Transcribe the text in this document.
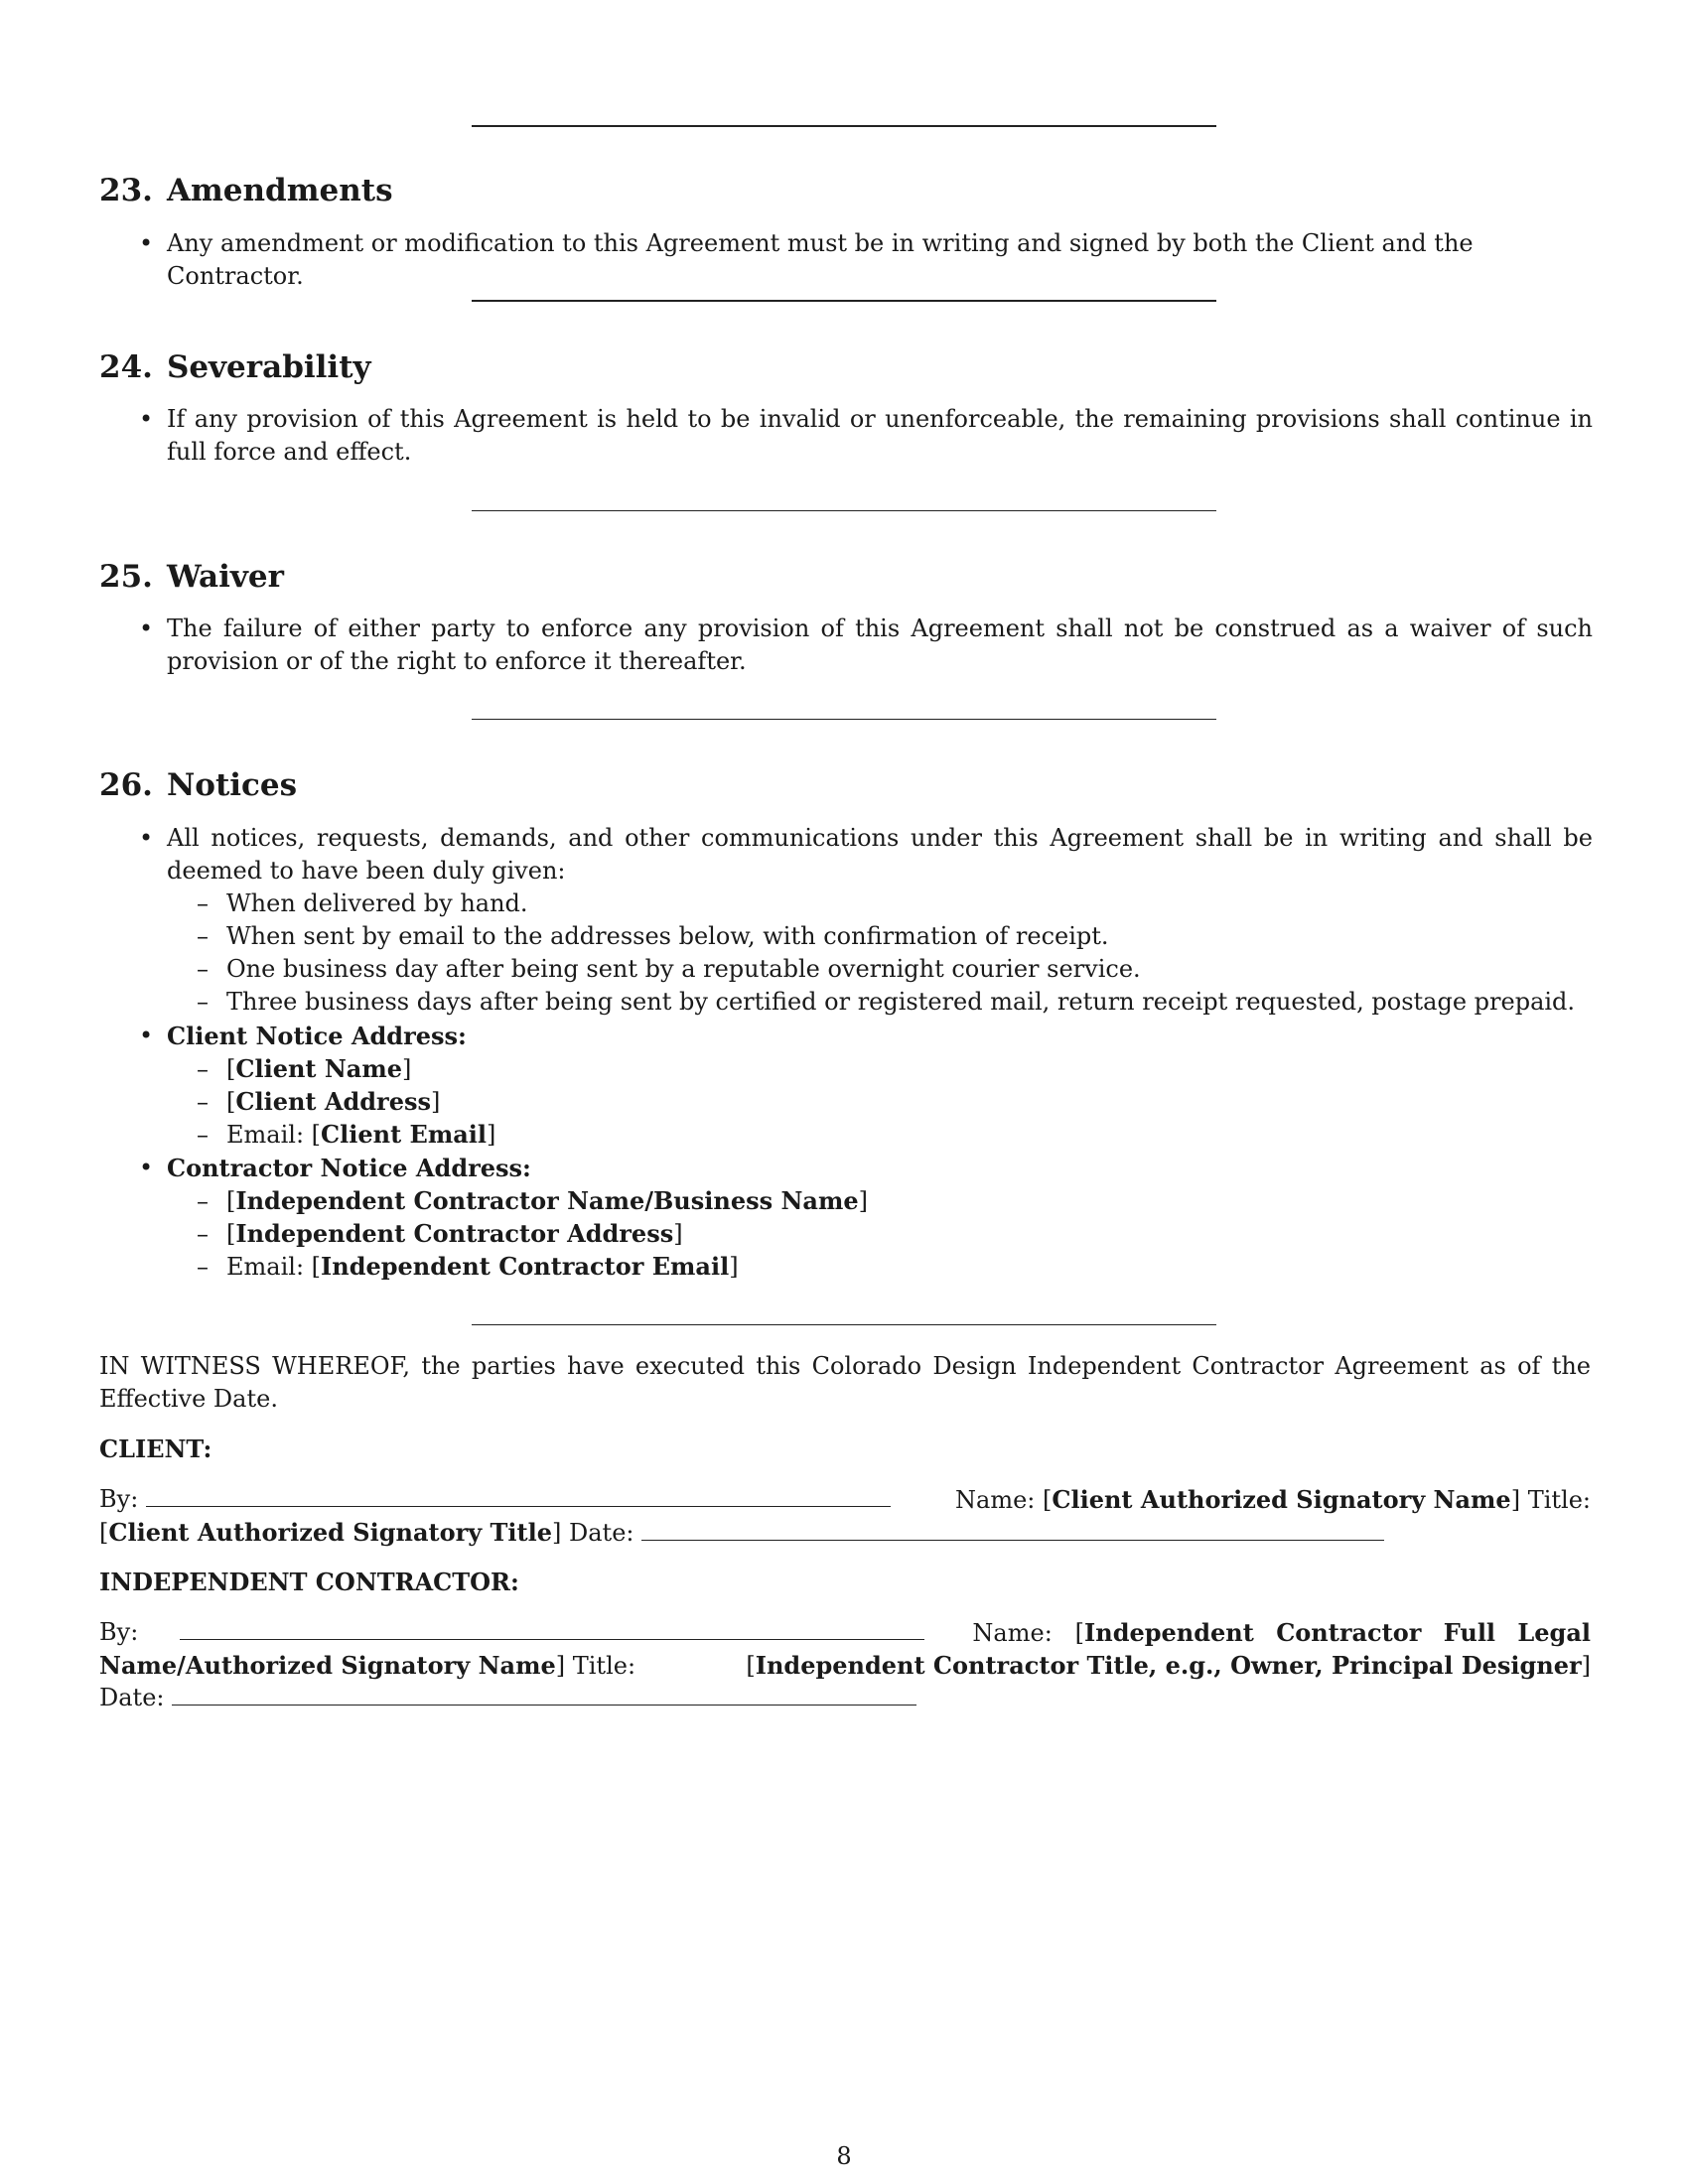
23. Amendments
• Any amendment or modification to this Agreement must be in writing and signed by both the Client and the Contractor.
24. Severability
• If any provision of this Agreement is held to be invalid or unenforceable, the remaining provisions shall continue in full force and effect.
25. Waiver
• The failure of either party to enforce any provision of this Agreement shall not be construed as a waiver of such provision or of the right to enforce it thereafter.
26. Notices
• All notices, requests, demands, and other communications under this Agreement shall be in writing and shall be deemed to have been duly given:
– When delivered by hand.
– When sent by email to the addresses below, with confirmation of receipt.
– One business day after being sent by a reputable overnight courier service.
– Three business days after being sent by certified or registered mail, return receipt requested, postage prepaid.
• Client Notice Address:
– [Client Name]
– [Client Address]
– Email: [Client Email]
• Contractor Notice Address:
– [Independent Contractor Name/Business Name]
– [Independent Contractor Address]
– Email: [Independent Contractor Email]
IN WITNESS WHEREOF, the parties have executed this Colorado Design Independent Contractor Agreement as of the Effective Date.
CLIENT:
By:	Name: [Client Authorized Signatory Name] Title:
[Client Authorized Signatory Title] Date:
INDEPENDENT CONTRACTOR:
By:	Name:   [Independent Contractor Full Legal
Name/Authorized Signatory Name] Title:	[Independent Contractor Title, e.g., Owner, Principal Designer]
Date:
8
